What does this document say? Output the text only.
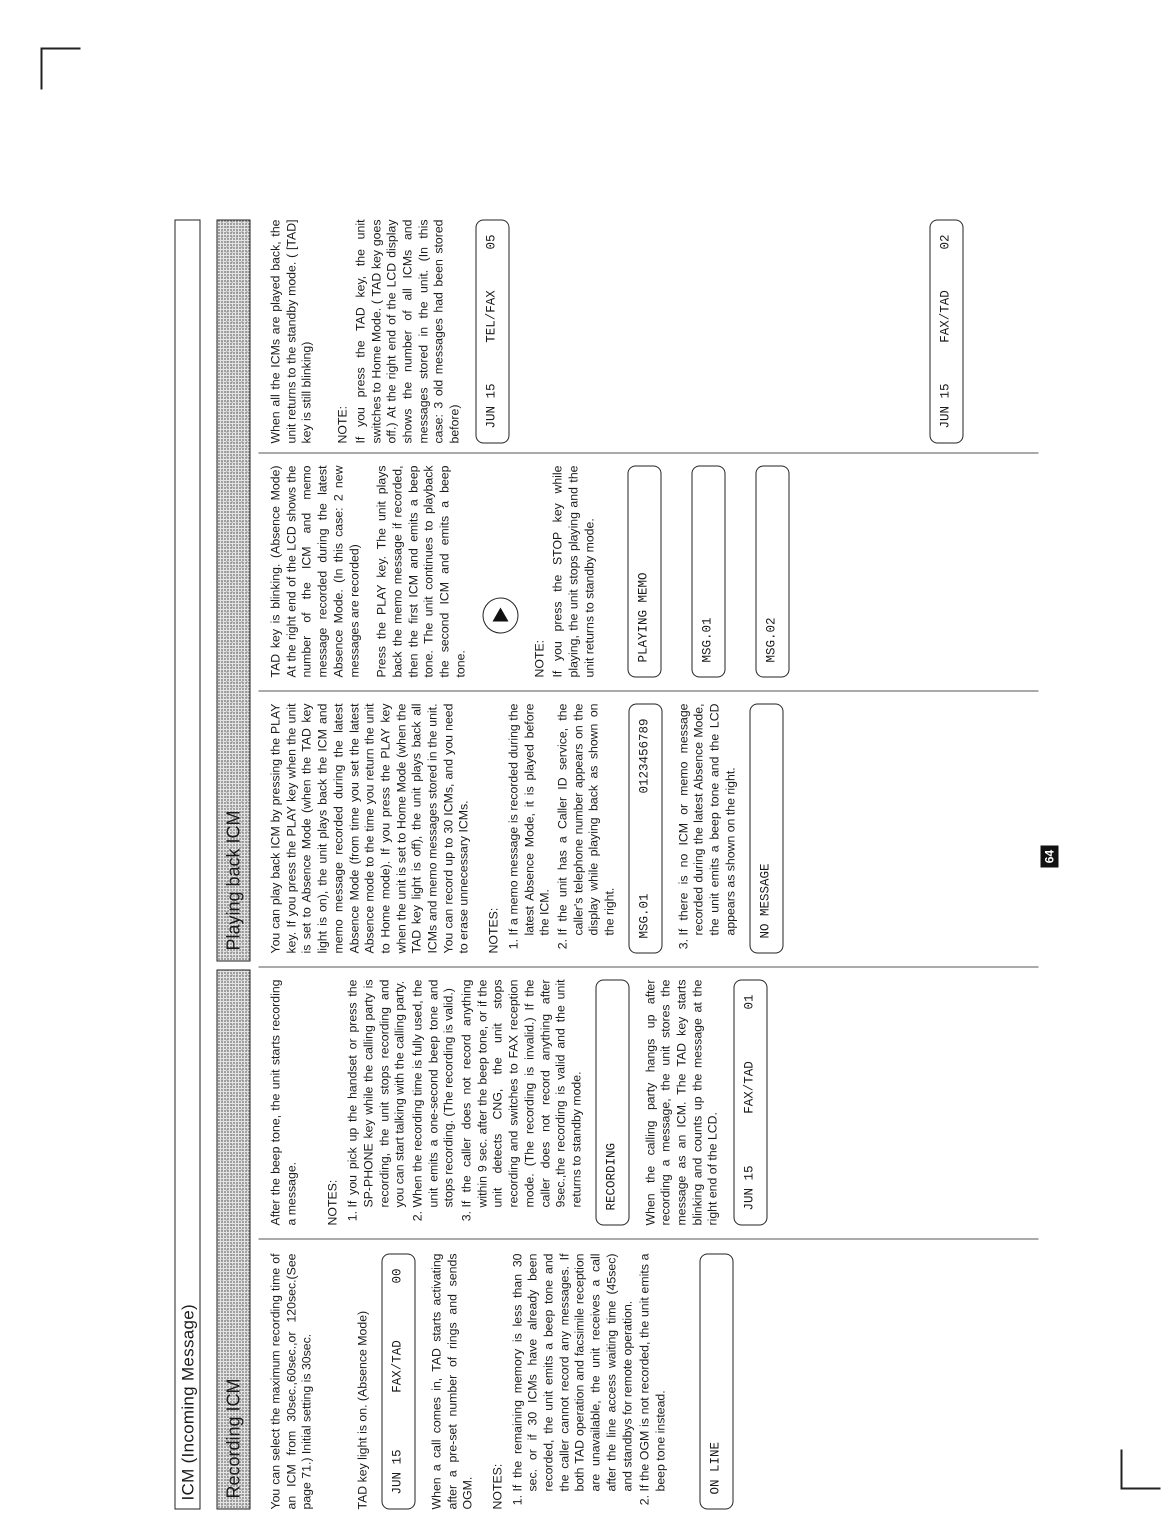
ICM (Incoming Message)	Recording ICM
Playing back ICM

You can select the maximum recording time of an ICM from 30sec.,60sec.,or 120sec.(See page 71.) Initial setting is 30sec.	TAD key light is on. (Absence Mode)	JUN 15
FAX/TAD
00	When a call comes in, TAD starts activating after a pre-set number of rings and sends OGM. NOTES: 1. If the remaining memory is less than 30 sec. or if 30 ICMs have already been recorded, the unit emits a beep tone and the caller cannot record any messages. If both TAD operation and facsimile reception are unavailable, the unit receives a call after the line access waiting time (45sec) and standbys for remote operation. 2. If the OGM is not recorded, the unit emits a beep tone instead.	ON LINE

After the beep tone, the unit starts recording a message. NOTES: 1. If you pick up the handset or press the SP-PHONE key while the calling party is recording, the unit stops recording and you can start talking with the calling party. 2. When the recording time is fully used, the unit emits a one-second beep tone and stops recording. (The recording is valid.) 3. If the caller does not record anything within 9 sec. after the beep tone, or if the unit detects CNG, the unit stops recording and switches to FAX reception mode. (The recording is invalid.) If the caller does not record anything after 9sec.,the recording is valid and the unit returns to standby mode.	RECORDING	When the calling party hangs up after recording a message, the unit stores the message as an ICM. The TAD key starts blinking and counts up the message at the right end of the LCD.	JUN 15
FAX/TAD
01

You can play back ICM by pressing the PLAY key. If you press the PLAY key when the unit is set to Absence Mode (when the TAD key light is on), the unit plays back the ICM and memo message recorded during the latest Absence Mode (from time you set the latest Absence mode to the time you return the unit to Home mode). If you press the PLAY key when the unit is set to Home Mode (when the TAD key light is off), the unit plays back all ICMs and memo messages stored in the unit. You can record up to 30 ICMs, and you need to erase unnecessary ICMs. NOTES: 1. If a memo message is recorded during the latest Absence Mode, it is played before the ICM. 2. If the unit has a Caller ID service, the caller's telephone number appears on the display while playing back as shown on the right.	MSG.01
0123456789	3. If there is no ICM or memo message recorded during the latest Absence Mode, the unit emits a beep tone and the LCD appears as shown on the right.	NO MESSAGE

TAD key is blinking. (Absence Mode) At the right end of the LCD shows the number of the ICM and memo message recorded during the latest Absence Mode. (In this case: 2 new messages are recorded) Press the PLAY key. The unit plays back the memo message if recorded, then the first ICM and emits a beep tone. The unit continues to playback the second ICM and emits a beep tone.	NOTE: If you press the STOP key while playing, the unit stops playing and the unit returns to standby mode.	PLAYING MEMO	MSG.01	MSG.02

When all the ICMs are played back, the unit returns to the standby mode. ( [TAD] key is still blinking) NOTE: If you press the TAD key, the unit switches to Home Mode. ( TAD key goes off.) At the right end of the LCD display shows the number of all ICMs and messages stored in the unit. (In this case: 3 old messages had been stored before)	JUN 15
TEL/FAX
05
JUN 15
FAX/TAD
02
64
